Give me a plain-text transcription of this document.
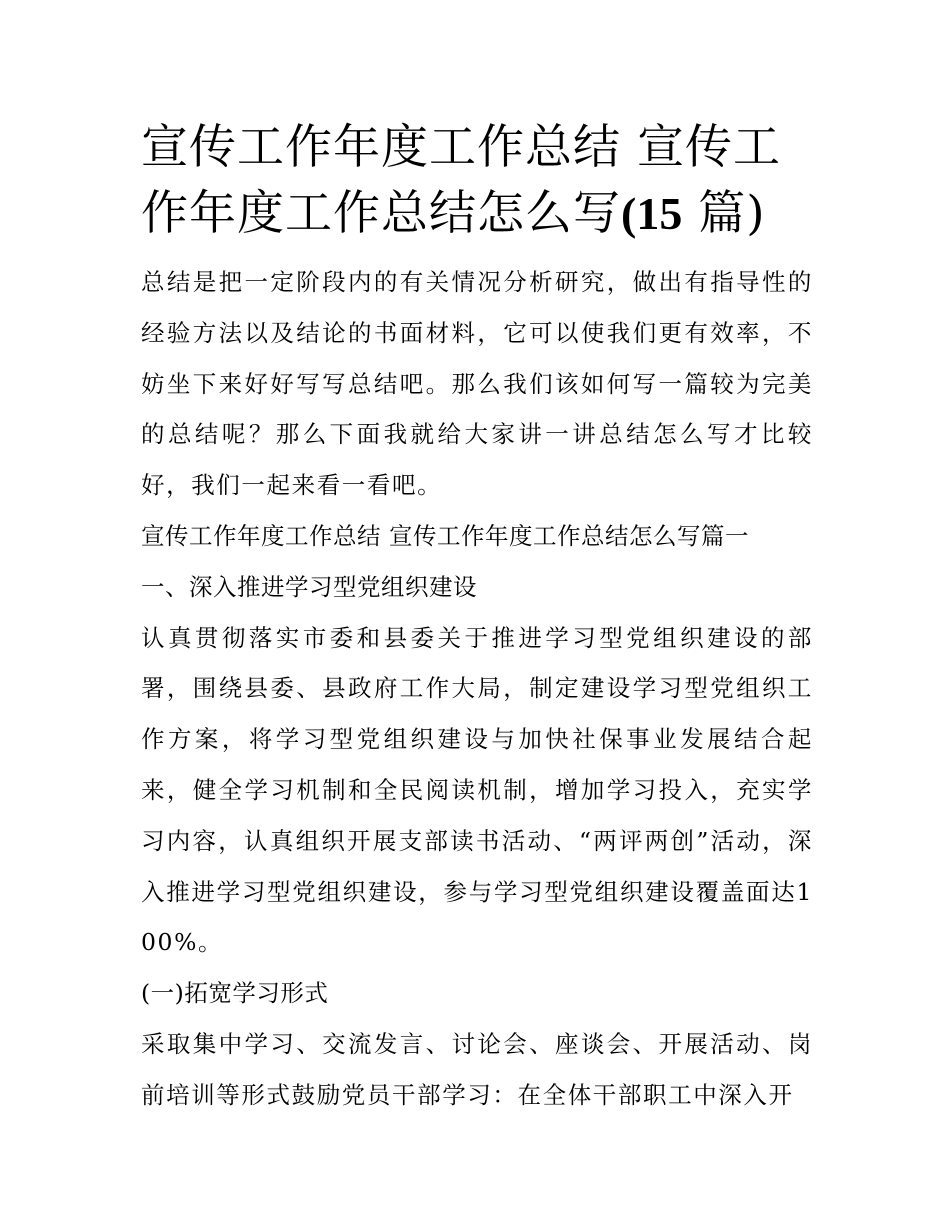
宣传工作年度工作总结 宣传工
作年度工作总结怎么写(15 篇)

总结是把一定阶段内的有关情况分析研究，做出有指导性的经验方法以及结论的书面材料，它可以使我们更有效率，不妨坐下来好好写写总结吧。那么我们该如何写一篇较为完美的总结呢？那么下面我就给大家讲一讲总结怎么写才比较好，我们一起来看一看吧。

宣传工作年度工作总结 宣传工作年度工作总结怎么写篇一

一、深入推进学习型党组织建设

认真贯彻落实市委和县委关于推进学习型党组织建设的部署，围绕县委、县政府工作大局，制定建设学习型党组织工作方案，将学习型党组织建设与加快社保事业发展结合起来，健全学习机制和全民阅读机制，增加学习投入，充实学习内容，认真组织开展支部读书活动、“两评两创”活动，深入推进学习型党组织建设，参与学习型党组织建设覆盖面达100%。

(一)拓宽学习形式

采取集中学习、交流发言、讨论会、座谈会、开展活动、岗前培训等形式鼓励党员干部学习：在全体干部职工中深入开
